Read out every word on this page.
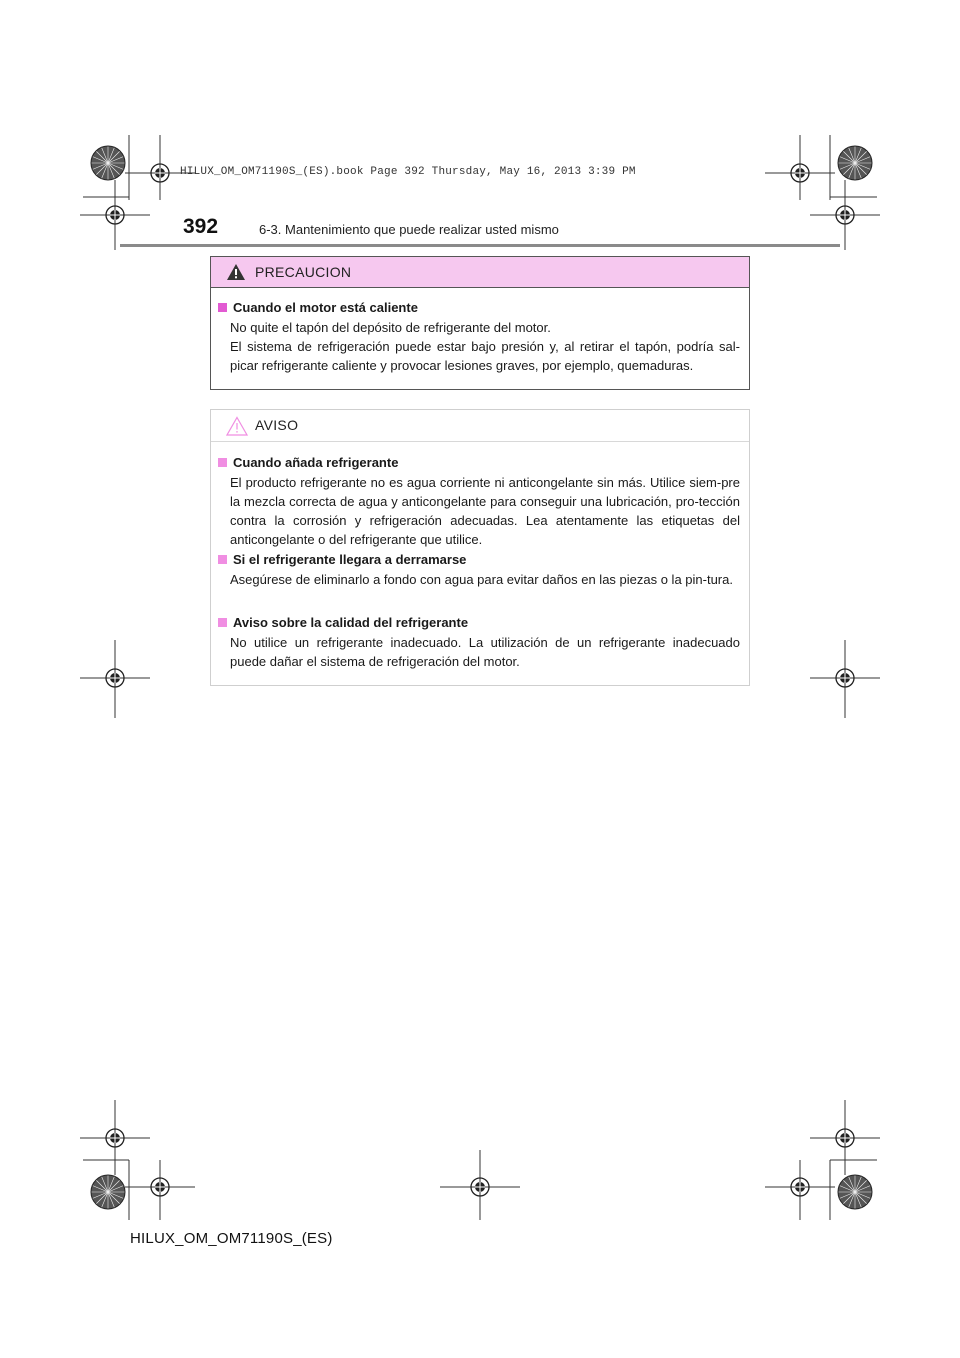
HILUX_OM_OM71190S_(ES).book Page 392 Thursday, May 16, 2013 3:39 PM
392	6-3. Mantenimiento que puede realizar usted mismo
PRECAUCION
Cuando el motor está caliente

No quite el tapón del depósito de refrigerante del motor.

El sistema de refrigeración puede estar bajo presión y, al retirar el tapón, podría sal-picar refrigerante caliente y provocar lesiones graves, por ejemplo, quemaduras.

AVISO
Cuando añada refrigerante
El producto refrigerante no es agua corriente ni anticongelante sin más. Utilice siem-pre la mezcla correcta de agua y anticongelante para conseguir una lubricación, pro-tección contra la corrosión y refrigeración adecuadas. Lea atentamente las etiquetas del anticongelante o del refrigerante que utilice.
Si el refrigerante llegara a derramarse
Asegúrese de eliminarlo a fondo con agua para evitar daños en las piezas o la pin-tura.
Aviso sobre la calidad del refrigerante
No utilice un refrigerante inadecuado. La utilización de un refrigerante inadecuado puede dañar el sistema de refrigeración del motor.
HILUX_OM_OM71190S_(ES)
